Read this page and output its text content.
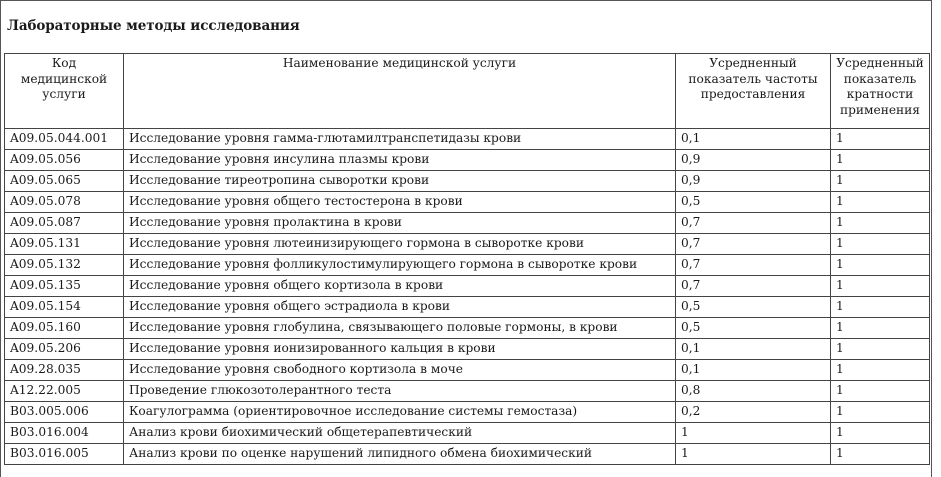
Лабораторные методы исследования
Код медицинской услуги	Наименование медицинской услуги	Усредненный показатель частоты предоставления	Усредненный показатель кратности применения
A09.05.044.001	Исследование уровня гамма-глютамилтранспетидазы крови	0,1	1
A09.05.056	Исследование уровня инсулина плазмы крови	0,9	1
A09.05.065	Исследование тиреотропина сыворотки крови	0,9	1
A09.05.078	Исследование уровня общего тестостерона в крови	0,5	1
A09.05.087	Исследование уровня пролактина в крови	0,7	1
A09.05.131	Исследование уровня лютеинизирующего гормона в сыворотке крови	0,7	1
A09.05.132	Исследование уровня фолликулостимулирующего гормона в сыворотке крови	0,7	1
A09.05.135	Исследование уровня общего кортизола в крови	0,7	1
A09.05.154	Исследование уровня общего эстрадиола в крови	0,5	1
A09.05.160	Исследование уровня глобулина, связывающего половые гормоны, в крови	0,5	1
A09.05.206	Исследование уровня ионизированного кальция в крови	0,1	1
A09.28.035	Исследование уровня свободного кортизола в моче	0,1	1
A12.22.005	Проведение глюкозотолерантного теста	0,8	1
B03.005.006	Коагулограмма (ориентировочное исследование системы гемостаза)	0,2	1
B03.016.004	Анализ крови биохимический общетерапевтический	1	1
B03.016.005	Анализ крови по оценке нарушений липидного обмена биохимический	1	1
